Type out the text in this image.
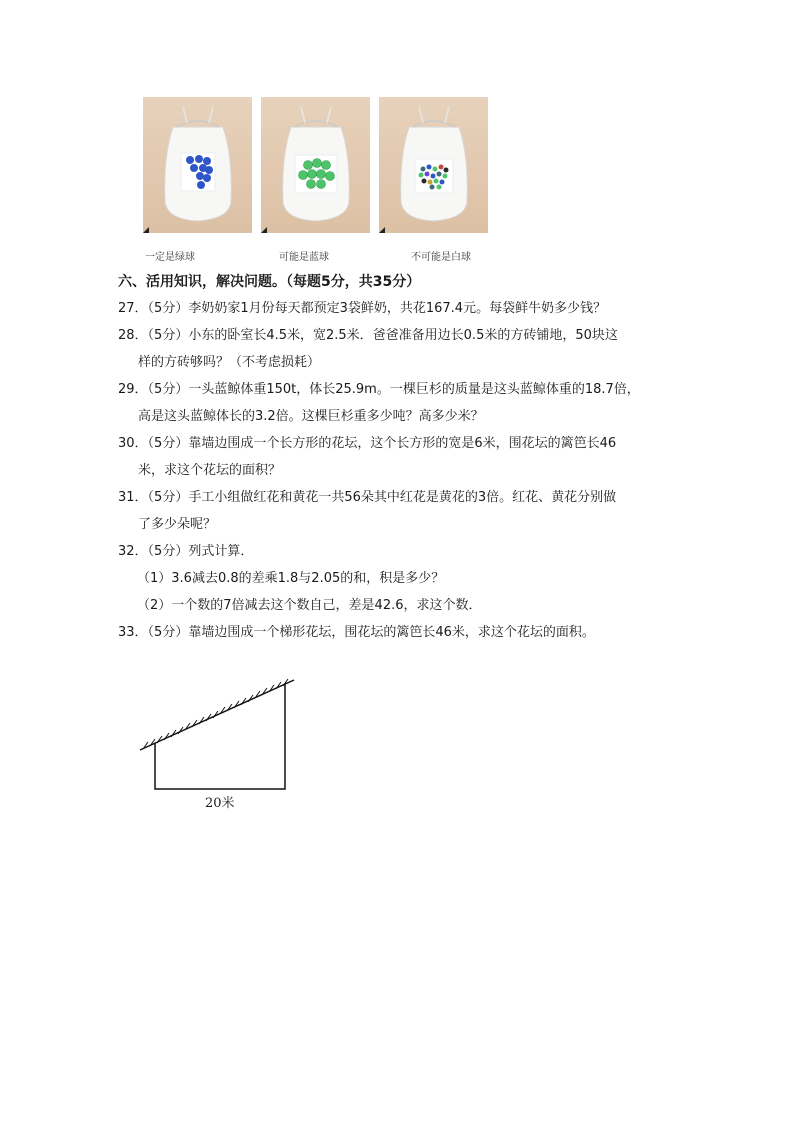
一定是绿球	可能是蓝球	不可能是白球
六、活用知识，解决问题。（每题5分，共35分）
27．（5分）李奶奶家1月份每天都预定3袋鲜奶，共花167.4元。每袋鲜牛奶多少钱？
28．（5分）小东的卧室长4.5米，宽2.5米．爸爸准备用边长0.5米的方砖铺地，50块这
样的方砖够吗？（不考虑损耗）
29．（5分）一头蓝鲸体重150t，体长25.9m。一棵巨杉的质量是这头蓝鲸体重的18.7倍，
高是这头蓝鲸体长的3.2倍。这棵巨杉重多少吨？高多少米？
30．（5分）靠墙边围成一个长方形的花坛，这个长方形的宽是6米，围花坛的篱笆长46
米，求这个花坛的面积？
31．（5分）手工小组做红花和黄花一共56朵其中红花是黄花的3倍。红花、黄花分别做
了多少朵呢？
32．（5分）列式计算．
（1）3.6减去0.8的差乘1.8与2.05的和，积是多少？
（2）一个数的7倍减去这个数自己，差是42.6，求这个数．
33．（5分）靠墙边围成一个梯形花坛，围花坛的篱笆长46米，求这个花坛的面积。
20米
